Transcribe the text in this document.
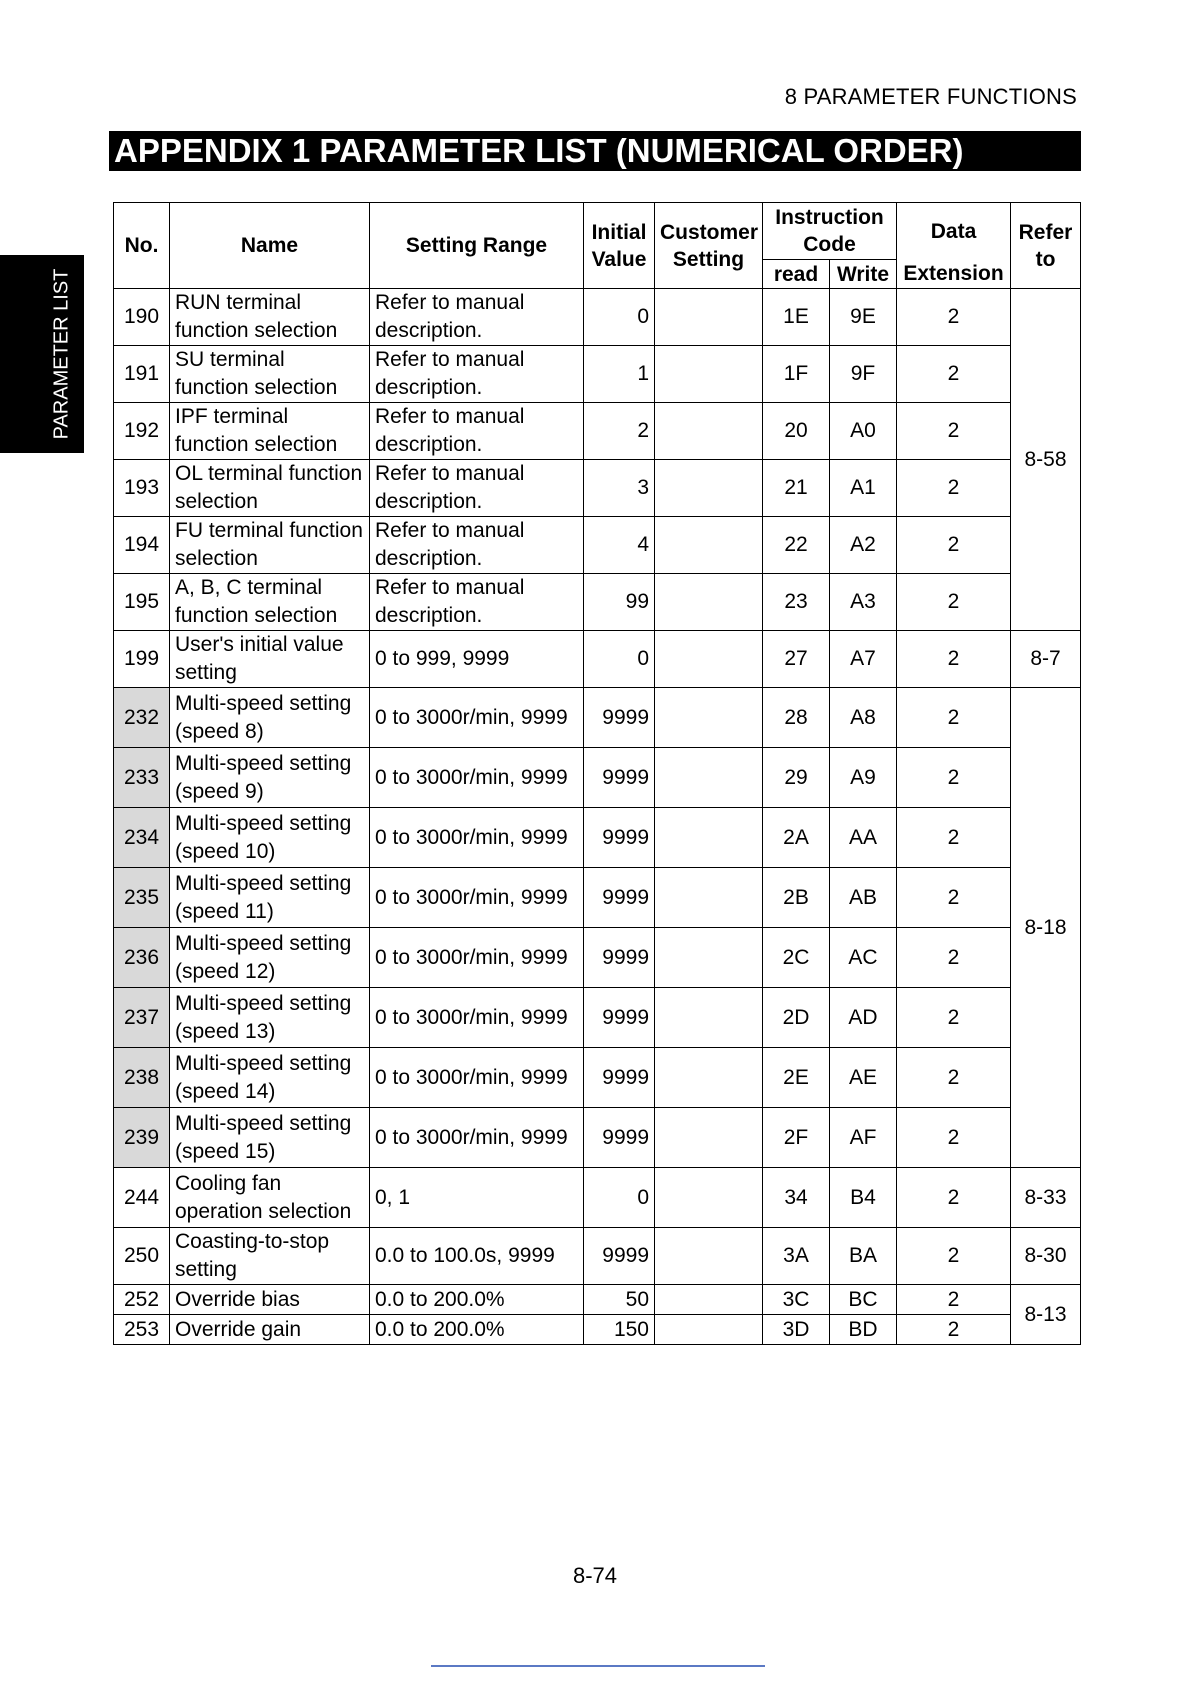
8 PARAMETER FUNCTIONS
APPENDIX 1 PARAMETER LIST (NUMERICAL ORDER)
PARAMETER LIST
No.	Name	Setting Range	Initial Value	Customer Setting	Instruction Code		Data	Refer to
					read	Write	Extension	
190	RUN terminal function selection	Refer to manual description.	0		1E	9E	2	8-58
191	SU terminal function selection	Refer to manual description.	1		1F	9F	2	
192	IPF terminal function selection	Refer to manual description.	2		20	A0	2	
193	OL terminal function selection	Refer to manual description.	3		21	A1	2	
194	FU terminal function selection	Refer to manual description.	4		22	A2	2	
195	A, B, C terminal function selection	Refer to manual description.	99		23	A3	2	
199	User's initial value setting	0 to 999, 9999	0		27	A7	2	8-7
232	Multi-speed setting (speed 8)	0 to 3000r/min, 9999	9999		28	A8	2	8-18
233	Multi-speed setting (speed 9)	0 to 3000r/min, 9999	9999		29	A9	2	
234	Multi-speed setting (speed 10)	0 to 3000r/min, 9999	9999		2A	AA	2	
235	Multi-speed setting (speed 11)	0 to 3000r/min, 9999	9999		2B	AB	2	
236	Multi-speed setting (speed 12)	0 to 3000r/min, 9999	9999		2C	AC	2	
237	Multi-speed setting (speed 13)	0 to 3000r/min, 9999	9999		2D	AD	2	
238	Multi-speed setting (speed 14)	0 to 3000r/min, 9999	9999		2E	AE	2	
239	Multi-speed setting (speed 15)	0 to 3000r/min, 9999	9999		2F	AF	2	
244	Cooling fan operation selection	0, 1	0		34	B4	2	8-33
250	Coasting-to-stop setting	0.0 to 100.0s, 9999	9999		3A	BA	2	8-30
252	Override bias	0.0 to 200.0%	50		3C	BC	2	8-13
253	Override gain	0.0 to 200.0%	150		3D	BD	2	
8-74
